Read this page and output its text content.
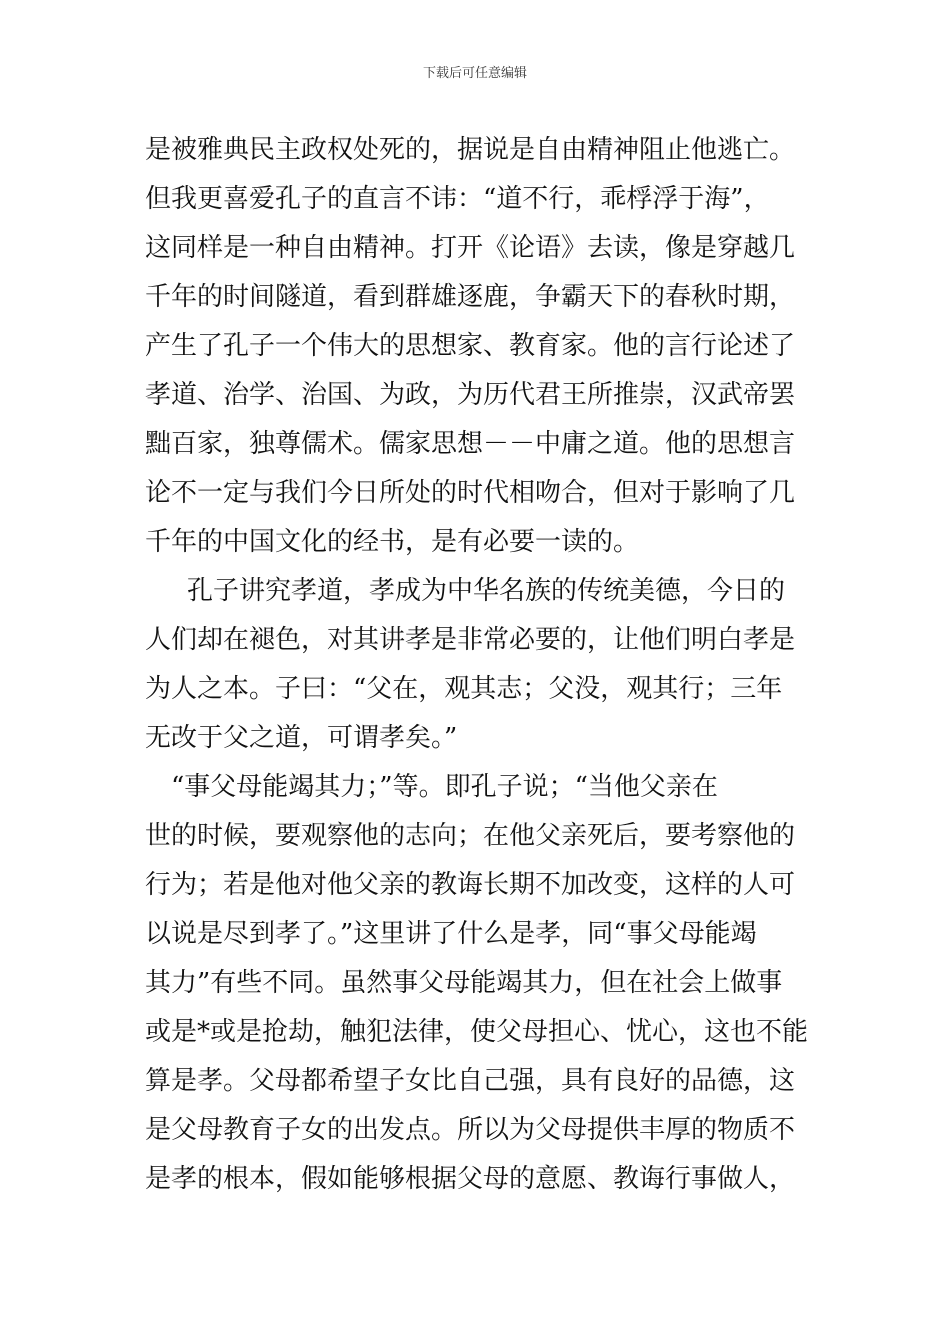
下载后可任意编辑
是被雅典民主政权处死的，据说是自由精神阻止他逃亡。
但我更喜爱孔子的直言不讳：“道不行，乖桴浮于海”，
这同样是一种自由精神。打开《论语》去读，像是穿越几
千年的时间隧道，看到群雄逐鹿，争霸天下的春秋时期，
产生了孔子一个伟大的思想家、教育家。他的言行论述了
孝道、治学、治国、为政，为历代君王所推崇，汉武帝罢
黜百家，独尊儒术。儒家思想－－中庸之道。他的思想言
论不一定与我们今日所处的时代相吻合，但对于影响了几
千年的中国文化的经书，是有必要一读的。
孔子讲究孝道，孝成为中华名族的传统美德，今日的
人们却在褪色，对其讲孝是非常必要的，让他们明白孝是
为人之本。子曰：“父在，观其志；父没，观其行；三年
无改于父之道，可谓孝矣。”
“事父母能竭其力；”等。即孔子说；“当他父亲在
世的时候，要观察他的志向；在他父亲死后，要考察他的
行为；若是他对他父亲的教诲长期不加改变，这样的人可
以说是尽到孝了。”这里讲了什么是孝，同“事父母能竭
其力”有些不同。虽然事父母能竭其力，但在社会上做事
或是*或是抢劫，触犯法律，使父母担心、忧心，这也不能
算是孝。父母都希望子女比自己强，具有良好的品德，这
是父母教育子女的出发点。所以为父母提供丰厚的物质不
是孝的根本，假如能够根据父母的意愿、教诲行事做人，
